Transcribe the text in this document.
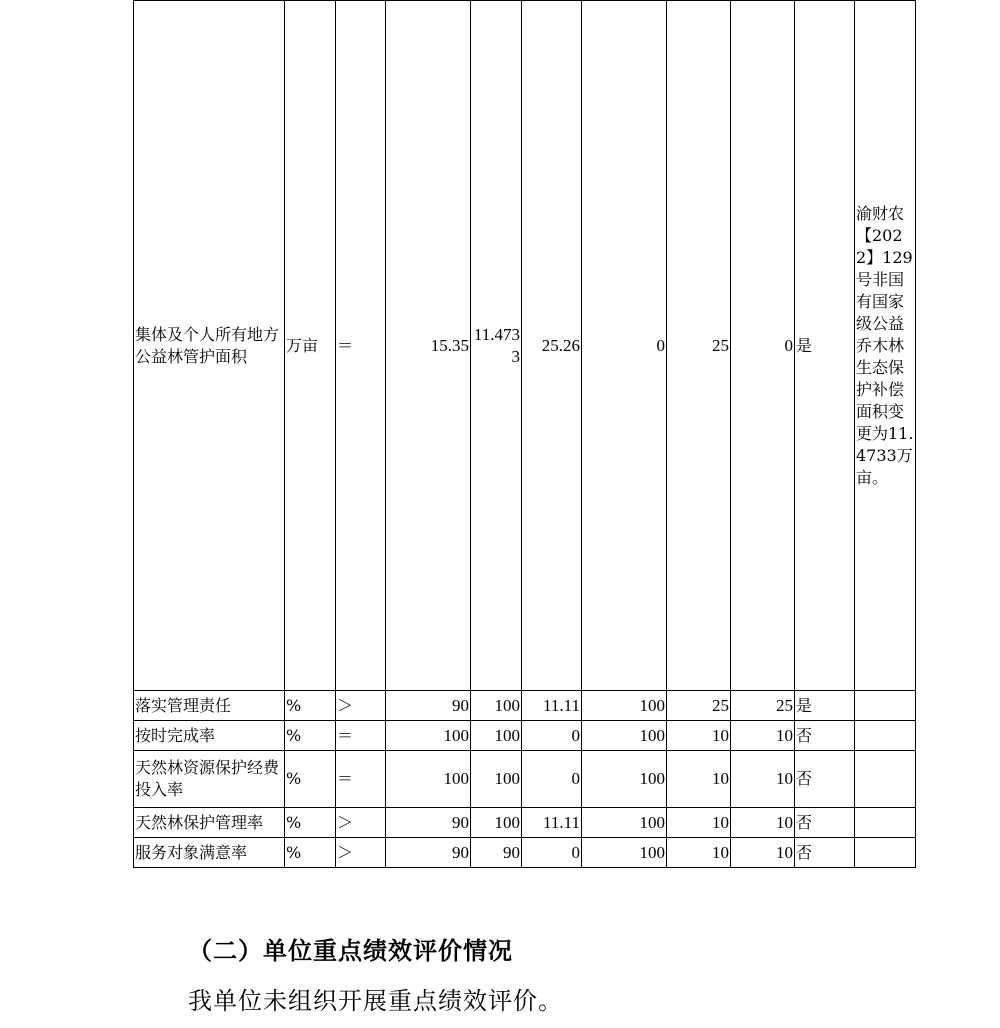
集体及个人所有地方公益林管护面积	万亩	＝	15.35	11.4733	25.26	0	25	0	是	渝财农【2022】129号非国有国家级公益乔木林生态保护补偿面积变更为11.4733万亩。
落实管理责任	%	＞	90	100	11.11	100	25	25	是	
按时完成率	%	＝	100	100	0	100	10	10	否	
天然林资源保护经费投入率	%	＝	100	100	0	100	10	10	否	
天然林保护管理率	%	＞	90	100	11.11	100	10	10	否	
服务对象满意率	%	＞	90	90	0	100	10	10	否	
（二）单位重点绩效评价情况
我单位未组织开展重点绩效评价。
